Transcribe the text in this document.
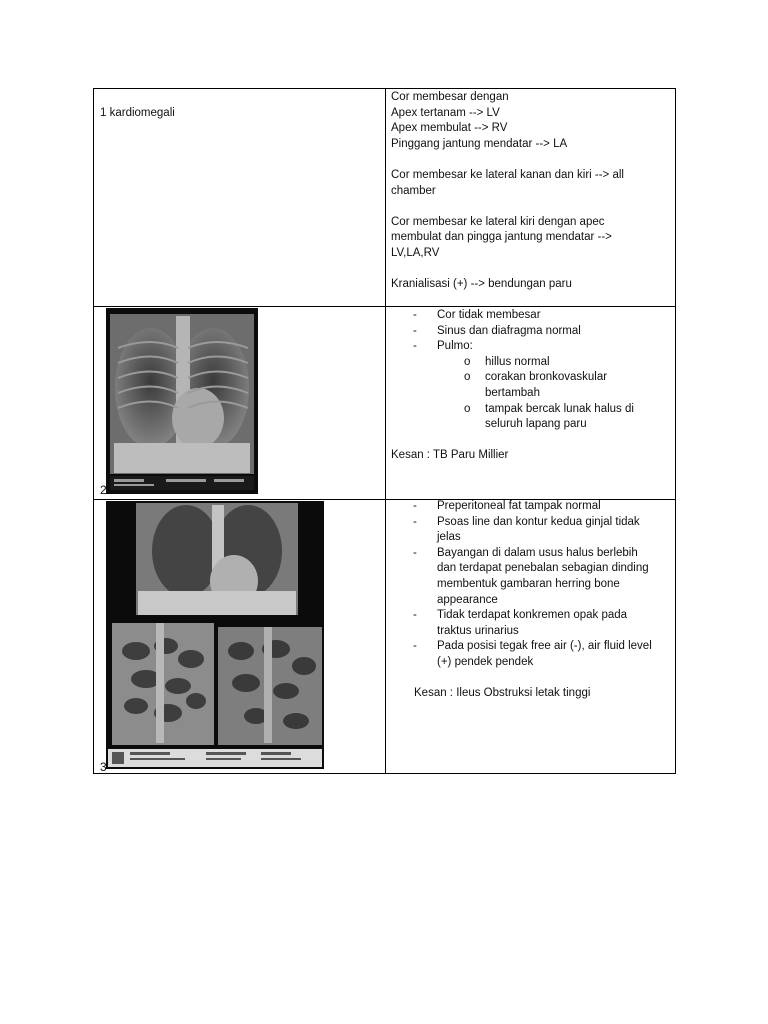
1 kardiomegali

Cor membesar dengan
Apex tertanam --> LV
Apex membulat --> RV
Pinggang jantung mendatar --> LA
Cor membesar ke lateral kanan dan kiri --> all
chamber
Cor membesar ke lateral kiri dengan apec
membulat dan pingga jantung mendatar -->
LV,LA,RV
Kranialisasi (+) --> bendungan paru
2
- Cor tidak membesar
- Sinus dan diafragma normal
- Pulmo:
o hillus normal
o corakan bronkovaskular
bertambah
o tampak bercak lunak halus di
seluruh lapang paru
Kesan : TB Paru Millier
3
- Preperitoneal fat tampak normal
- Psoas line dan kontur kedua ginjal tidak
jelas
- Bayangan di dalam usus halus berlebih
dan terdapat penebalan sebagian dinding
membentuk gambaran herring bone
appearance
- Tidak terdapat konkremen opak pada
traktus urinarius
- Pada posisi tegak free air (-), air fluid level
(+) pendek pendek
Kesan : Ileus Obstruksi letak tinggi
